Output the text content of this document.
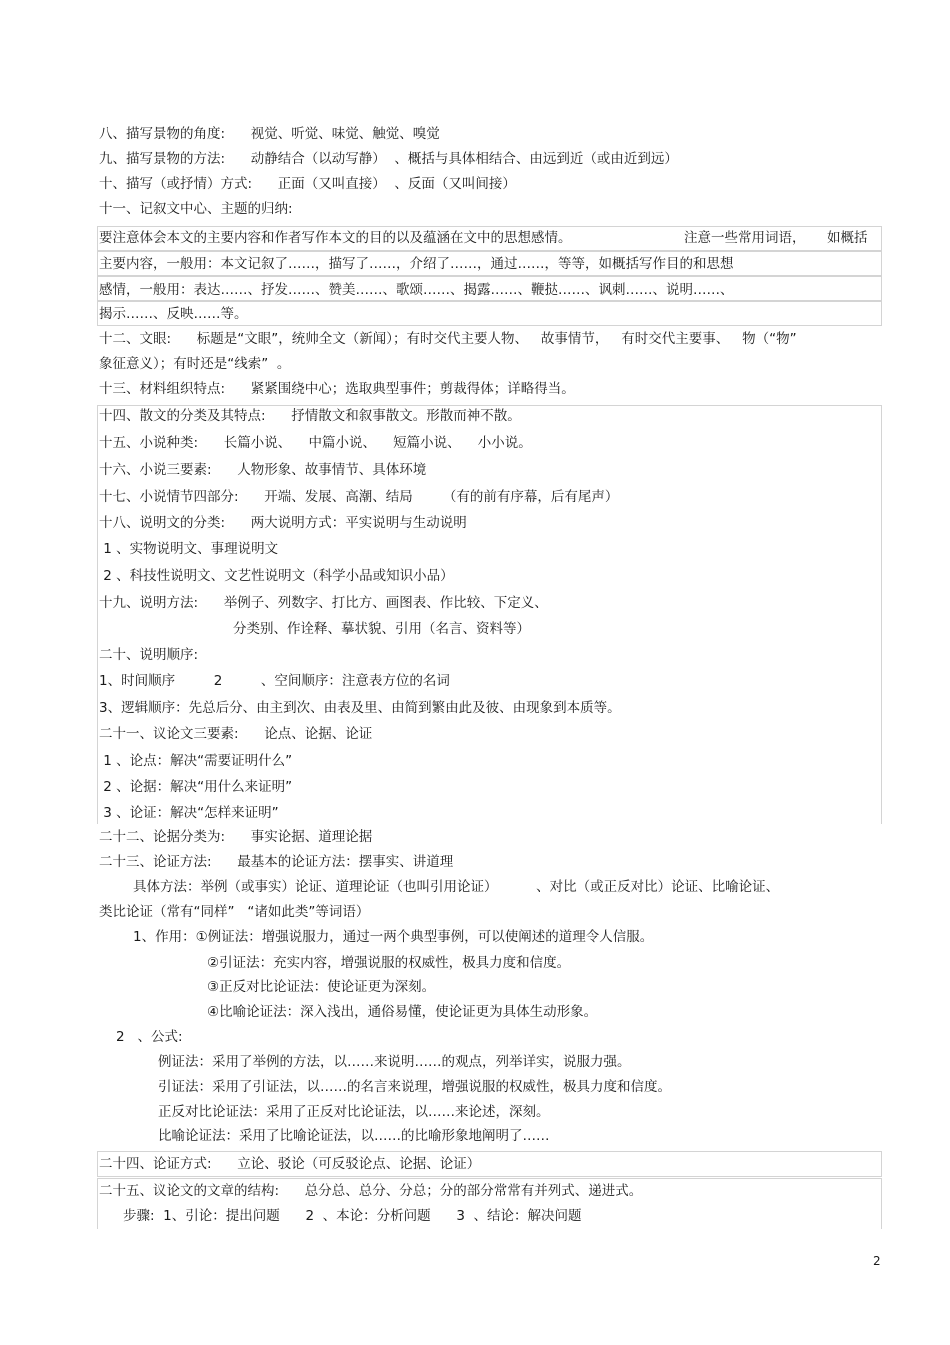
八、描写景物的角度:      视觉、听觉、味觉、触觉、嗅觉
九、描写景物的方法:      动静结合（以动写静）  、概括与具体相结合、由远到近（或由近到远）
十、描写（或抒情）方式:      正面（又叫直接）  、反面（又叫间接）
十一、记叙文中心、主题的归纳:
要注意体会本文的主要内容和作者写作本文的目的以及蕴涵在文中的思想感情。	注意一些常用词语，     如概括
主要内容，一般用：本文记叙了……，描写了……，介绍了……，通过……，等等，如概括写作目的和思想
感情，一般用：表达……、抒发……、赞美……、歌颂……、揭露……、鞭挞……、讽刺……、说明……、
揭示……、反映……等。
十二、文眼:      标题是“文眼”，统帅全文（新闻）；有时交代主要人物、   故事情节，   有时交代主要事、   物（“物”
象征意义）；有时还是“线索”  。
十三、材料组织特点:      紧紧围绕中心；选取典型事件；剪裁得体；详略得当。
十四、散文的分类及其特点:      抒情散文和叙事散文。形散而神不散。
十五、小说种类:      长篇小说、    中篇小说、    短篇小说、    小小说。
十六、小说三要素:      人物形象、故事情节、具体环境
十七、小说情节四部分:      开端、发展、高潮、结局       （有的前有序幕，后有尾声）
十八、说明文的分类:      两大说明方式：平实说明与生动说明
1 、实物说明文、事理说明文
2 、科技性说明文、文艺性说明文（科学小品或知识小品）
十九、说明方法:      举例子、列数字、打比方、画图表、作比较、下定义、
分类别、作诠释、摹状貌、引用（名言、资料等）
二十、说明顺序:
1、时间顺序         2         、空间顺序：注意表方位的名词
3、逻辑顺序：先总后分、由主到次、由表及里、由简到繁由此及彼、由现象到本质等。
二十一、议论文三要素:      论点、论据、论证
1 、论点：解决“需要证明什么”
2 、论据：解决“用什么来证明”
3 、论证：解决“怎样来证明”
二十二、论据分类为:      事实论据、道理论据
二十三、论证方法:      最基本的论证方法：摆事实、讲道理
具体方法：举例（或事实）论证、道理论证（也叫引用论证）         、对比（或正反对比）论证、比喻论证、
类比论证（常有“同样”   “诸如此类”等词语）
1、作用：①例证法：增强说服力，通过一两个典型事例，可以使阐述的道理令人信服。
②引证法：充实内容，增强说服的权威性，极具力度和信度。
③正反对比论证法：使论证更为深刻。
④比喻论证法：深入浅出，通俗易懂，使论证更为具体生动形象。
2   、公式:
例证法：采用了举例的方法，以……来说明……的观点，列举详实，说服力强。
引证法：采用了引证法，以……的名言来说理，增强说服的权威性，极具力度和信度。
正反对比论证法：采用了正反对比论证法，以……来论述，深刻。
比喻论证法：采用了比喻论证法，以……的比喻形象地阐明了……
二十四、论证方式:      立论、驳论（可反驳论点、论据、论证）
二十五、议论文的文章的结构:      总分总、总分、分总；分的部分常常有并列式、递进式。
步骤:  1、引论：提出问题      2  、本论：分析问题      3  、结论：解决问题
2
